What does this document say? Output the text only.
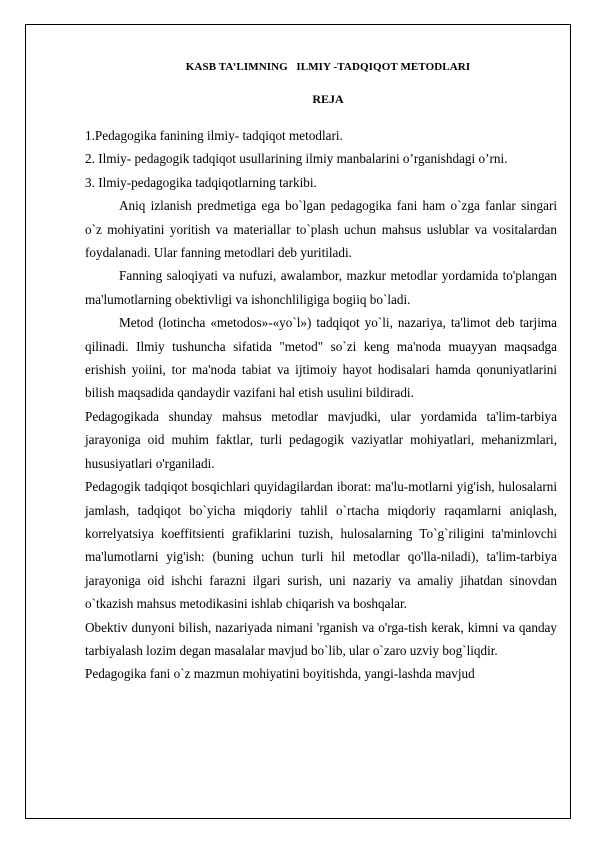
KASB TA’LIMNING   ILMIY -TADQIQOT METODLARI
REJA

1.Pedagogika fanining ilmiy- tadqiqot metodlari.

2. Ilmiy- pedagogik tadqiqot usullarining ilmiy manbalarini o’rganishdagi o’rni.

3. Ilmiy-pedagogika tadqiqotlarning tarkibi.

Aniq izlanish predmetiga ega bo`lgan pedagogika fani ham o`zga fanlar singari o`z mohiyatini yoritish va materiallar to`plash uchun mahsus uslublar va vositalardan foydalanadi. Ular fanning metodlari deb yuritiladi.

Fanning saloqiyati va nufuzi, awalambor, mazkur metodlar yordamida to'plangan ma'lumotlarning obektivligi va ishonchliligiga bogiiq bo`ladi.

Metod (lotincha «metodos»-«yo`l») tadqiqot yo`li, nazariya, ta'limot deb tarjima qilinadi. Ilmiy tushuncha sifatida "metod" so`zi keng ma'noda muayyan maqsadga erishish yoiini, tor ma'noda tabiat va ijtimoiy hayot hodisalari hamda qonuniyatlarini bilish maqsadida qandaydir vazifani hal etish usulini bildiradi.

Pedagogikada shunday mahsus metodlar mavjudki, ular yordamida ta'lim-tarbiya jarayoniga oid muhim faktlar, turli pedagogik vaziyatlar mohiyatlari, mehanizmlari, hususiyatlari o'rganiladi.

Pedagogik tadqiqot bosqichlari quyidagilardan iborat: ma'lu-motlarni yig'ish, hulosalarni jamlash, tadqiqot bo`yicha miqdoriy tahlil o`rtacha miqdoriy raqamlarni aniqlash, korrelyatsiya koeffitsienti grafiklarini tuzish, hulosalarning To`g`riligini ta'minlovchi ma'lumotlarni yig'ish: (buning uchun turli hil metodlar qo'lla-niladi), ta'lim-tarbiya jarayoniga oid ishchi farazni ilgari surish, uni nazariy va amaliy jihatdan sinovdan o`tkazish mahsus metodikasini ishlab chiqarish va boshqalar.

Obektiv dunyoni bilish, nazariyada nimani 'rganish va o'rga-tish kerak, kimni va qanday tarbiyalash lozim degan masalalar mavjud bo`lib, ular o`zaro uzviy bog`liqdir.

Pedagogika fani o`z mazmun mohiyatini boyitishda, yangi-lashda mavjud
